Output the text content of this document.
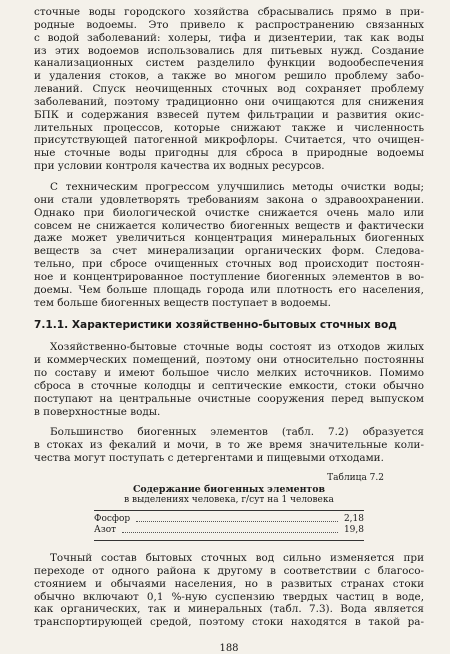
сточные воды городского хозяйства сбрасывались прямо в при-
родные водоемы. Это привело к распространению связанных
с водой заболеваний: холеры, тифа и дизентерии, так как воды
из этих водоемов использовались для питьевых нужд. Создание
канализационных систем разделило функции водообеспечения
и удаления стоков, а также во многом решило проблему забо-
леваний. Спуск неочищенных сточных вод сохраняет проблему
заболеваний, поэтому традиционно они очищаются для снижения
БПК и содержания взвесей путем фильтрации и развития окис-
лительных процессов, которые снижают также и численность
присутствующей патогенной микрофлоры. Считается, что очищен-
ные сточные воды пригодны для сброса в природные водоемы
при условии контроля качества их водных ресурсов.

С техническим прогрессом улучшились методы очистки воды;
они стали удовлетворять требованиям закона о здравоохранении.
Однако при биологической очистке снижается очень мало или
совсем не снижается количество биогенных веществ и фактически
даже может увеличиться концентрация минеральных биогенных
веществ за счет минерализации органических форм. Следова-
тельно, при сбросе очищенных сточных вод происходит постоян-
ное и концентрированное поступление биогенных элементов в во-
доемы. Чем больше площадь города или плотность его населения,
тем больше биогенных веществ поступает в водоемы.

7.1.1. Характеристики хозяйственно-бытовых сточных вод

Хозяйственно-бытовые сточные воды состоят из отходов жилых
и коммерческих помещений, поэтому они относительно постоянны
по составу и имеют большое число мелких источников. Помимо
сброса в сточные колодцы и септические емкости, стоки обычно
поступают на центральные очистные сооружения перед выпуском
в поверхностные воды.

Большинство биогенных элементов (табл. 7.2) образуется
в стоках из фекалий и мочи, в то же время значительные коли-
чества могут поступать с детергентами и пищевыми отходами.

Таблица 7.2
Содержание биогенных элементов
в выделениях человека, г/сут на 1 человека
Фосфор	2,18
Азот	19,8

Точный состав бытовых сточных вод сильно изменяется при
переходе от одного района к другому в соответствии с благосо-
стоянием и обычаями населения, но в развитых странах стоки
обычно включают 0,1 %-ную суспензию твердых частиц в воде,
как органических, так и минеральных (табл. 7.3). Вода является
транспортирующей средой, поэтому стоки находятся в такой ра-

188
